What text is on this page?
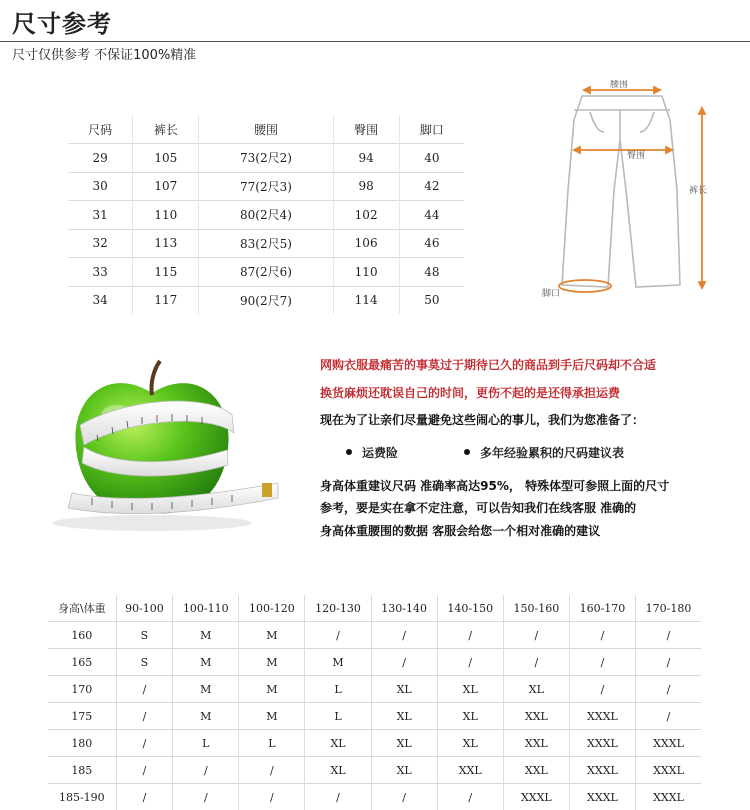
尺寸参考
尺寸仅供参考 不保证100%精准
尺码	裤长	腰围	臀围	脚口
29	105	73(2尺2)	94	40
30	107	77(2尺3)	98	42
31	110	80(2尺4)	102	44
32	113	83(2尺5)	106	46
33	115	87(2尺6)	110	48
34	117	90(2尺7)	114	50
腰围
臀围
裤长
脚口

网购衣服最痛苦的事莫过于期待已久的商品到手后尺码却不合适

换货麻烦还耽误自己的时间，更伤不起的是还得承担运费

现在为了让亲们尽量避免这些闹心的事儿，我们为您准备了：

运费险	多年经验累积的尺码建议表

身高体重建议尺码 准确率高达95%， 特殊体型可参照上面的尺寸

参考，要是实在拿不定注意，可以告知我们在线客服 准确的

身高体重腰围的数据 客服会给您一个相对准确的建议

身高\体重	90-100	100-110	100-120	120-130	130-140	140-150	150-160	160-170	170-180
160	S	M	M	/	/	/	/	/	/
165	S	M	M	M	/	/	/	/	/
170	/	M	M	L	XL	XL	XL	/	/
175	/	M	M	L	XL	XL	XXL	XXXL	/
180	/	L	L	XL	XL	XL	XXL	XXXL	XXXL
185	/	/	/	XL	XL	XXL	XXL	XXXL	XXXL
185-190	/	/	/	/	/	/	XXXL	XXXL	XXXL
